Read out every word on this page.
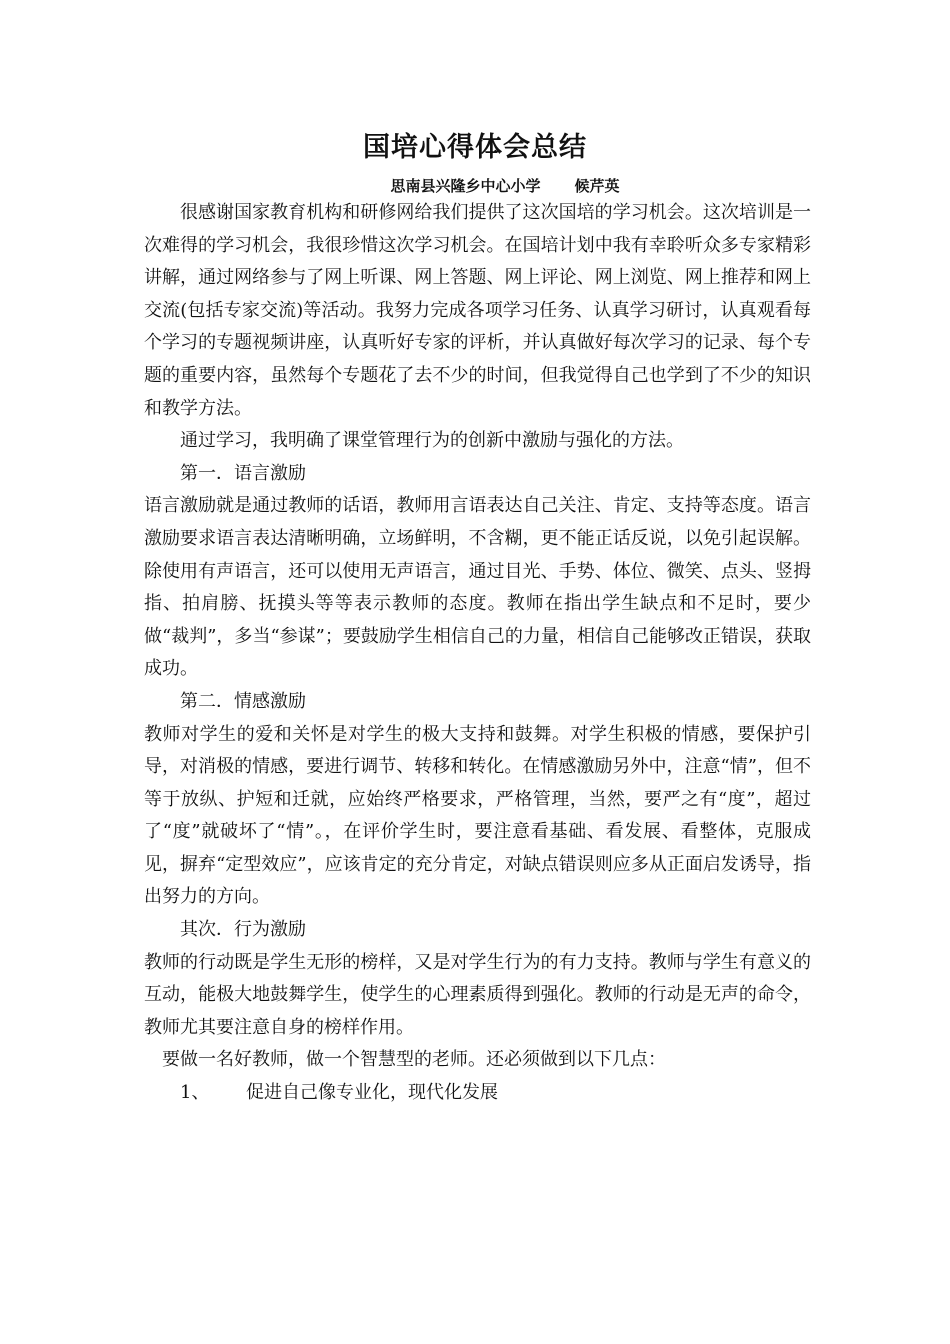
国培心得体会总结
思南县兴隆乡中心小学 候芹英

很感谢国家教育机构和研修网给我们提供了这次国培的学习机会。这次培训是一次难得的学习机会，我很珍惜这次学习机会。在国培计划中我有幸聆听众多专家精彩讲解，通过网络参与了网上听课、网上答题、网上评论、网上浏览、网上推荐和网上交流(包括专家交流)等活动。我努力完成各项学习任务、认真学习研讨，认真观看每个学习的专题视频讲座，认真听好专家的评析，并认真做好每次学习的记录、每个专题的重要内容，虽然每个专题花了去不少的时间，但我觉得自己也学到了不少的知识和教学方法。

通过学习，我明确了课堂管理行为的创新中激励与强化的方法。

第一．语言激励

语言激励就是通过教师的话语，教师用言语表达自己关注、肯定、支持等态度。语言激励要求语言表达清晰明确，立场鲜明，不含糊，更不能正话反说，以免引起误解。除使用有声语言，还可以使用无声语言，通过目光、手势、体位、微笑、点头、竖拇指、拍肩膀、抚摸头等等表示教师的态度。教师在指出学生缺点和不足时，要少做“裁判”，多当“参谋”；要鼓励学生相信自己的力量，相信自己能够改正错误，获取成功。

第二．情感激励

教师对学生的爱和关怀是对学生的极大支持和鼓舞。对学生积极的情感，要保护引导，对消极的情感，要进行调节、转移和转化。在情感激励另外中，注意“情”，但不等于放纵、护短和迁就，应始终严格要求，严格管理，当然，要严之有“度”，超过了“度”就破坏了“情”。，在评价学生时，要注意看基础、看发展、看整体，克服成见，摒弃“定型效应”，应该肯定的充分肯定，对缺点错误则应多从正面启发诱导，指出努力的方向。

其次．行为激励

教师的行动既是学生无形的榜样，又是对学生行为的有力支持。教师与学生有意义的互动，能极大地鼓舞学生，使学生的心理素质得到强化。教师的行动是无声的命令，教师尤其要注意自身的榜样作用。

要做一名好教师，做一个智慧型的老师。还必须做到以下几点：

1、 促进自己像专业化，现代化发展
